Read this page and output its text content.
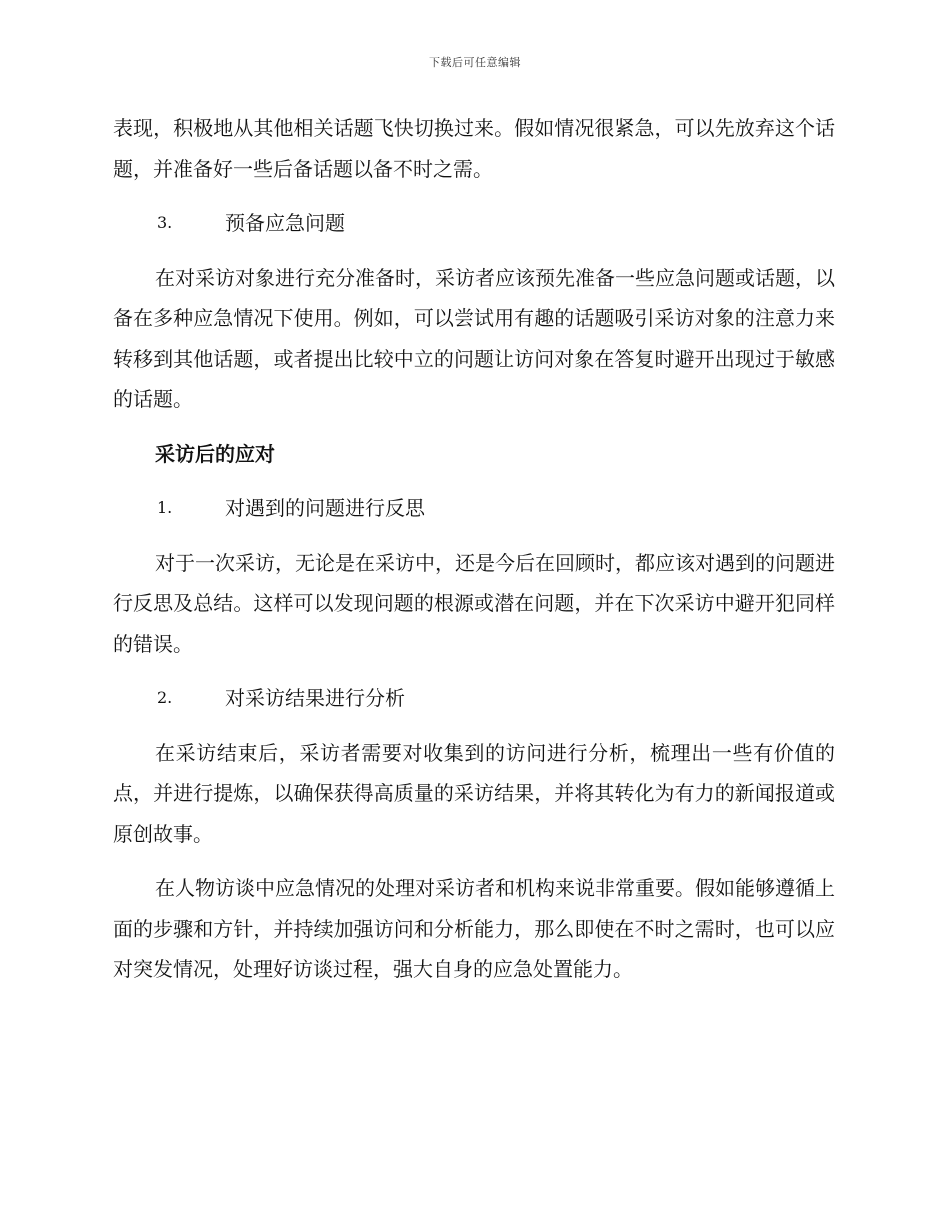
下载后可任意编辑

表现，积极地从其他相关话题飞快切换过来。假如情况很紧急，可以先放弃这个话题，并准备好一些后备话题以备不时之需。

3.	预备应急问题

在对采访对象进行充分准备时，采访者应该预先准备一些应急问题或话题，以备在多种应急情况下使用。例如，可以尝试用有趣的话题吸引采访对象的注意力来转移到其他话题，或者提出比较中立的问题让访问对象在答复时避开出现过于敏感的话题。

采访后的应对
1.	对遇到的问题进行反思

对于一次采访，无论是在采访中，还是今后在回顾时，都应该对遇到的问题进行反思及总结。这样可以发现问题的根源或潜在问题，并在下次采访中避开犯同样的错误。

2.	对采访结果进行分析

在采访结束后，采访者需要对收集到的访问进行分析，梳理出一些有价值的点，并进行提炼，以确保获得高质量的采访结果，并将其转化为有力的新闻报道或原创故事。

在人物访谈中应急情况的处理对采访者和机构来说非常重要。假如能够遵循上面的步骤和方针，并持续加强访问和分析能力，那么即使在不时之需时，也可以应对突发情况，处理好访谈过程，强大自身的应急处置能力。
